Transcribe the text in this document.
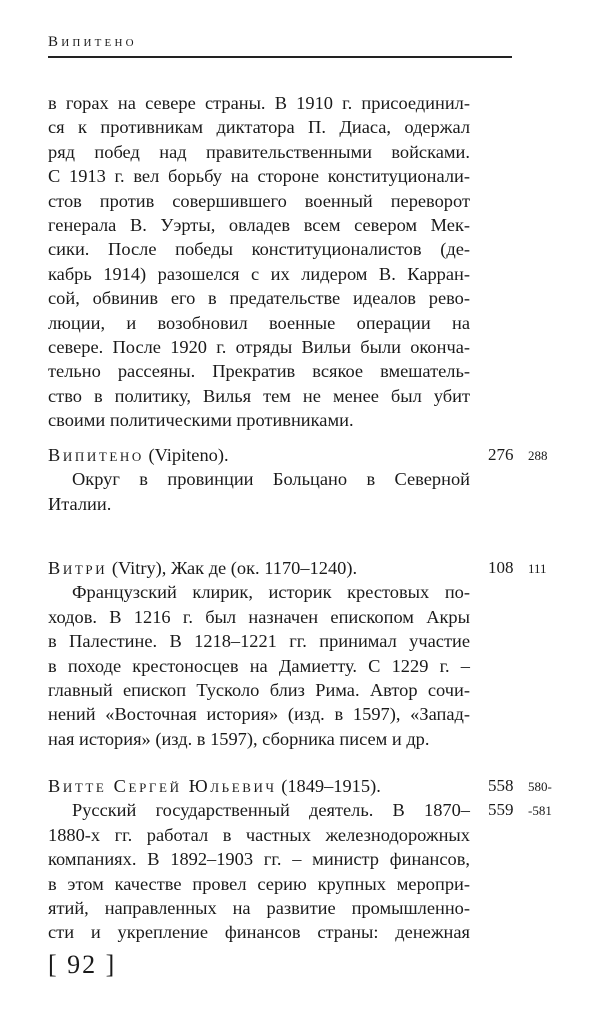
Випитено
в горах на севере страны. В 1910 г. присоединил-
ся к противникам диктатора П. Диаса, одержал
ряд побед над правительственными войсками.
С 1913 г. вел борьбу на стороне конституционали-
стов против совершившего военный переворот
генерала В. Уэрты, овладев всем севером Мек-
сики. После победы конституционалистов (де-
кабрь 1914) разошелся с их лидером В. Карран-
сой, обвинив его в предательстве идеалов рево-
люции, и возобновил военные операции на
севере. После 1920 г. отряды Вильи были оконча-
тельно рассеяны. Прекратив всякое вмешатель-
ство в политику, Вилья тем не менее был убит
своими политическими противниками.
Випитено (Vipiteno).
Округ в провинции Больцано в Северной
Италии.
276 288
Витри (Vitry), Жак де (ок. 1170–1240).
Французский клирик, историк крестовых по-
ходов. В 1216 г. был назначен епископом Акры
в Палестине. В 1218–1221 гг. принимал участие
в походе крестоносцев на Дамиетту. С 1229 г. –
главный епископ Тусколо близ Рима. Автор сочи-
нений «Восточная история» (изд. в 1597), «Запад-
ная история» (изд. в 1597), сборника писем и др.
108 111
Витте Сергей Юльевич (1849–1915).
Русский государственный деятель. В 1870–
1880-х гг. работал в частных железнодорожных
компаниях. В 1892–1903 гг. – министр финансов,
в этом качестве провел серию крупных меропри-
ятий, направленных на развитие промышленно-
сти и укрепление финансов страны: денежная
558 580-
559 -581
[ 92 ]
